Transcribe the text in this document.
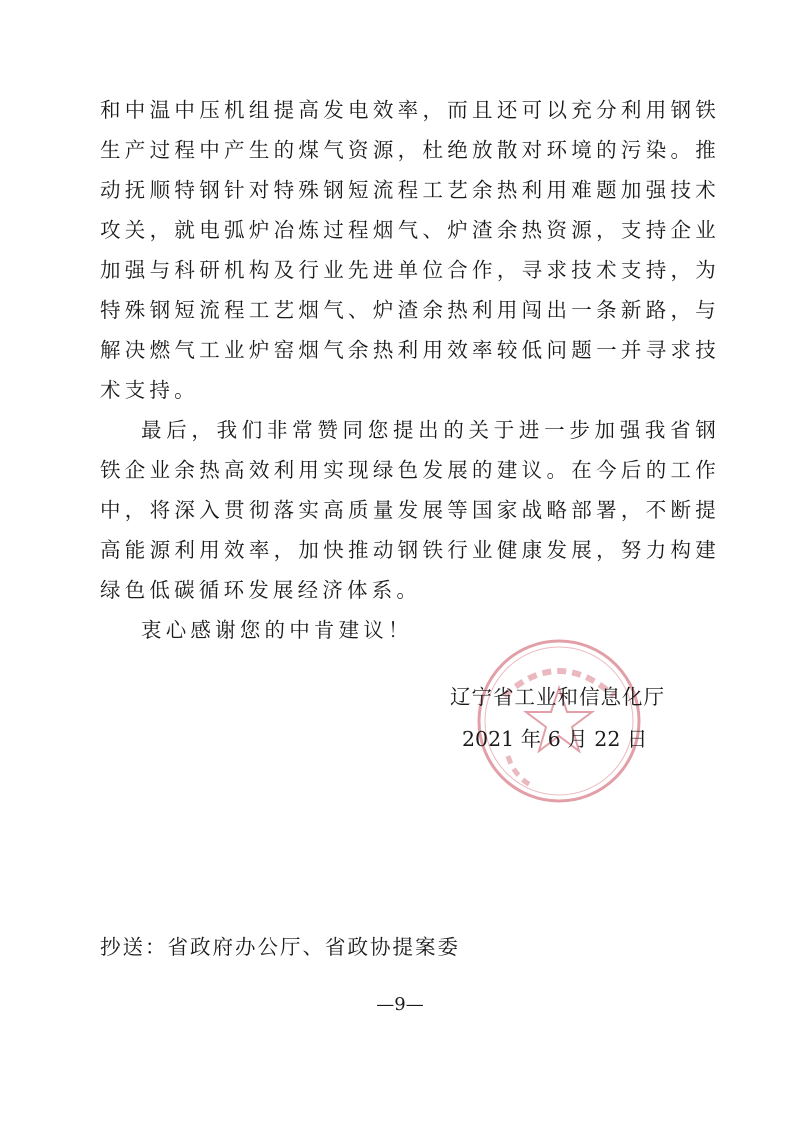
和中温中压机组提高发电效率，而且还可以充分利用钢铁生产过程中产生的煤气资源，杜绝放散对环境的污染。推动抚顺特钢针对特殊钢短流程工艺余热利用难题加强技术攻关，就电弧炉冶炼过程烟气、炉渣余热资源，支持企业加强与科研机构及行业先进单位合作，寻求技术支持，为特殊钢短流程工艺烟气、炉渣余热利用闯出一条新路，与解决燃气工业炉窑烟气余热利用效率较低问题一并寻求技术支持。

最后，我们非常赞同您提出的关于进一步加强我省钢铁企业余热高效利用实现绿色发展的建议。在今后的工作中，将深入贯彻落实高质量发展等国家战略部署，不断提高能源利用效率，加快推动钢铁行业健康发展，努力构建绿色低碳循环发展经济体系。

衷心感谢您的中肯建议！

辽宁省工业和信息化厅
2021 年 6 月 22 日
抄送：省政府办公厅、省政协提案委
—9—
